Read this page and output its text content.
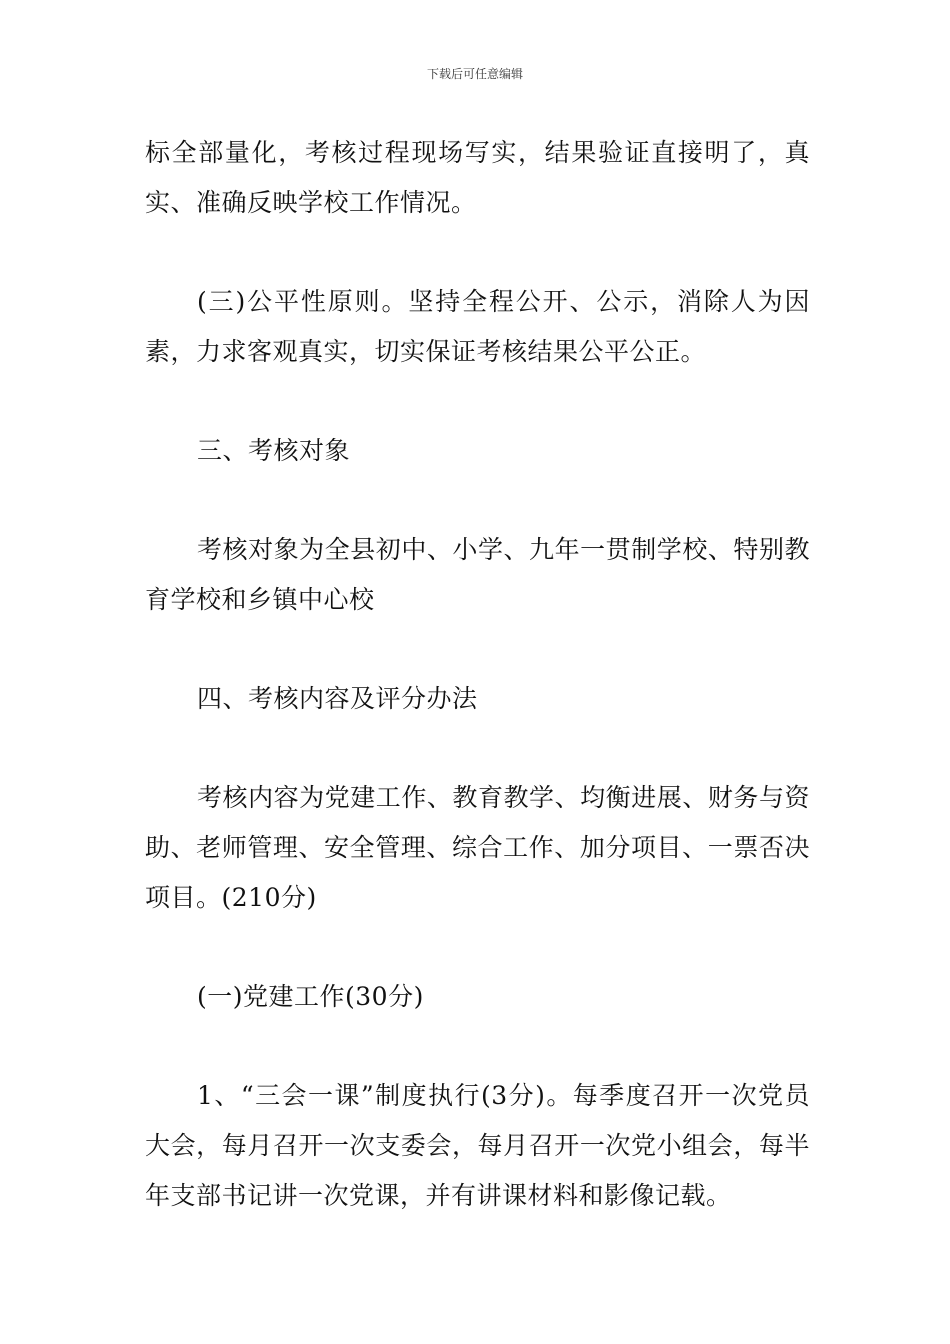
下载后可任意编辑

标全部量化，考核过程现场写实，结果验证直接明了，真实、准确反映学校工作情况。

(三)公平性原则。坚持全程公开、公示，消除人为因素，力求客观真实，切实保证考核结果公平公正。

三、考核对象

考核对象为全县初中、小学、九年一贯制学校、特别教育学校和乡镇中心校

四、考核内容及评分办法

考核内容为党建工作、教育教学、均衡进展、财务与资助、老师管理、安全管理、综合工作、加分项目、一票否决项目。(210分)

(一)党建工作(30分)

1、“三会一课”制度执行(3分)。每季度召开一次党员大会，每月召开一次支委会，每月召开一次党小组会，每半年支部书记讲一次党课，并有讲课材料和影像记载。
